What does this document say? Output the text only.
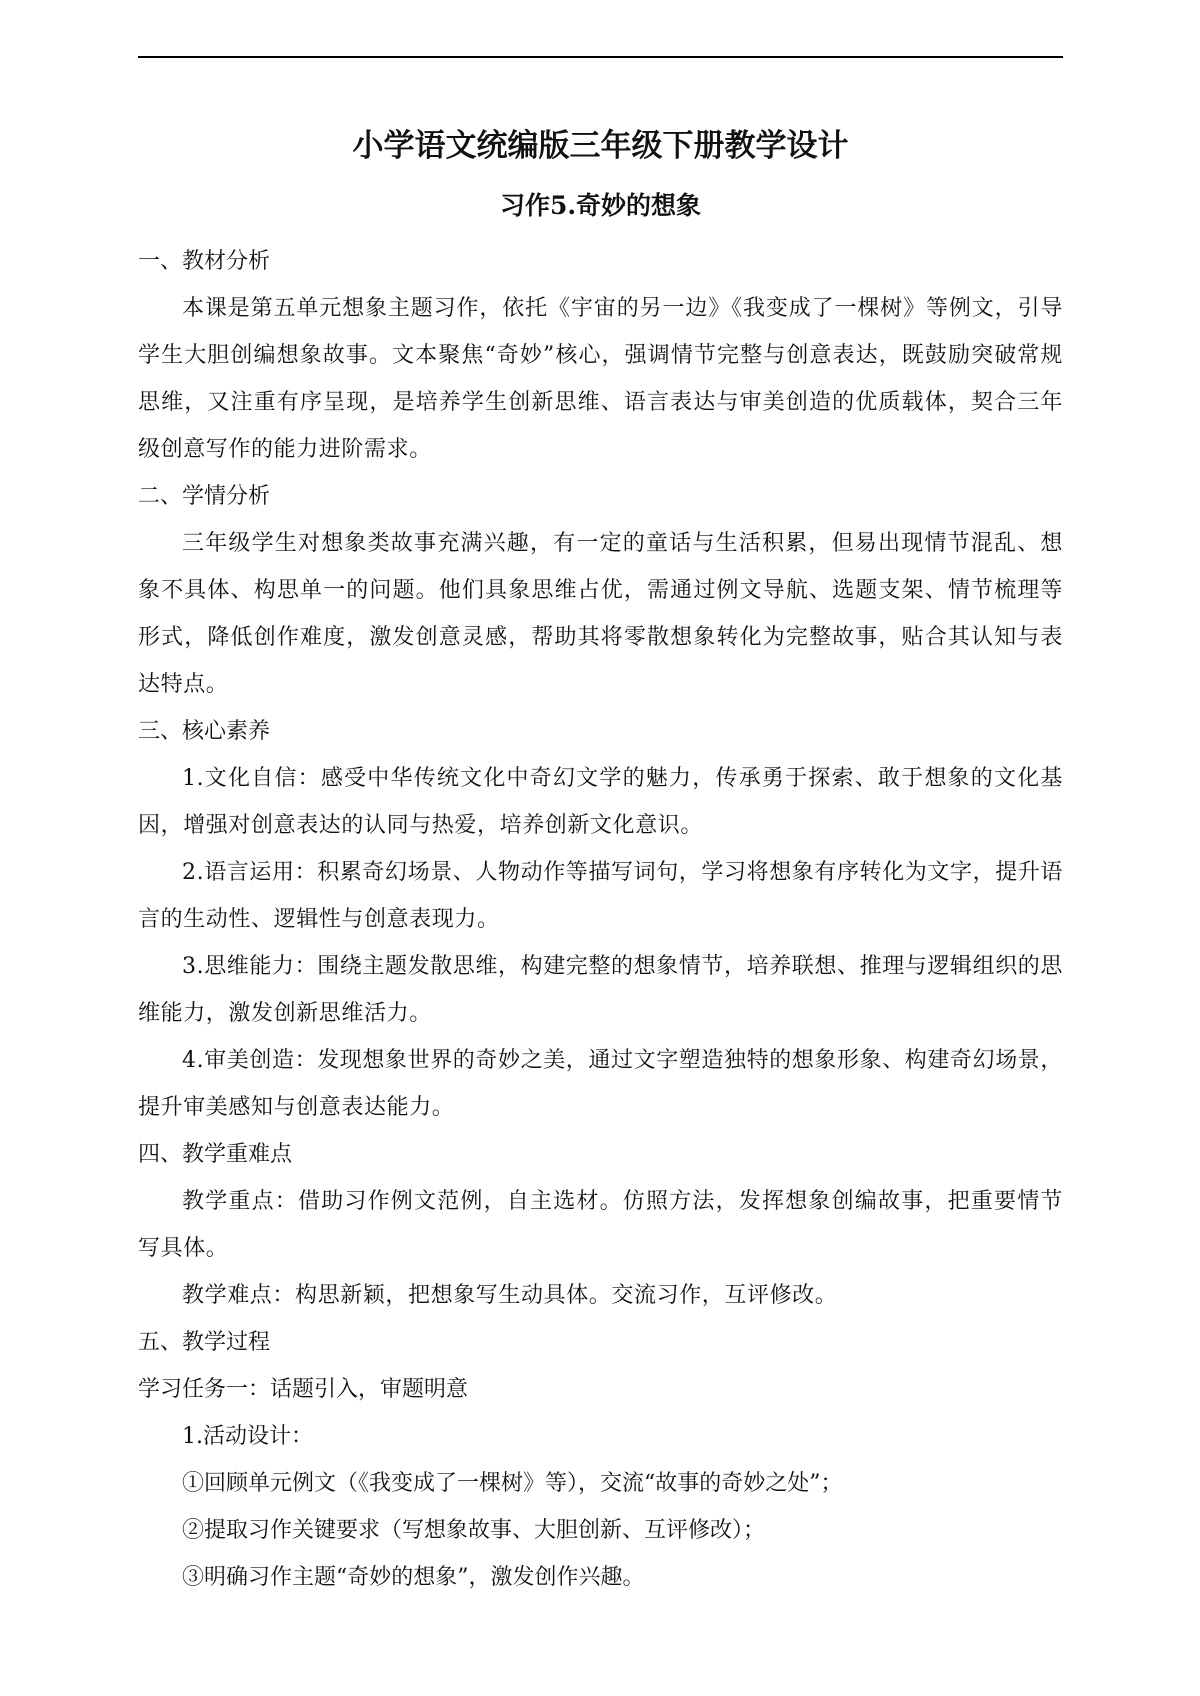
小学语文统编版三年级下册教学设计
习作5.奇妙的想象
一、教材分析

本课是第五单元想象主题习作，依托《宇宙的另一边》《我变成了一棵树》等例文，引导学生大胆创编想象故事。文本聚焦“奇妙”核心，强调情节完整与创意表达，既鼓励突破常规思维，又注重有序呈现，是培养学生创新思维、语言表达与审美创造的优质载体，契合三年级创意写作的能力进阶需求。

二、学情分析

三年级学生对想象类故事充满兴趣，有一定的童话与生活积累，但易出现情节混乱、想象不具体、构思单一的问题。他们具象思维占优，需通过例文导航、选题支架、情节梳理等形式，降低创作难度，激发创意灵感，帮助其将零散想象转化为完整故事，贴合其认知与表达特点。

三、核心素养

1.文化自信：感受中华传统文化中奇幻文学的魅力，传承勇于探索、敢于想象的文化基因，增强对创意表达的认同与热爱，培养创新文化意识。

2.语言运用：积累奇幻场景、人物动作等描写词句，学习将想象有序转化为文字，提升语言的生动性、逻辑性与创意表现力。

3.思维能力：围绕主题发散思维，构建完整的想象情节，培养联想、推理与逻辑组织的思维能力，激发创新思维活力。

4.审美创造：发现想象世界的奇妙之美，通过文字塑造独特的想象形象、构建奇幻场景，提升审美感知与创意表达能力。

四、教学重难点

教学重点：借助习作例文范例，自主选材。仿照方法，发挥想象创编故事，把重要情节写具体。

教学难点：构思新颖，把想象写生动具体。交流习作，互评修改。

五、教学过程
学习任务一：话题引入，审题明意
1.活动设计：
①回顾单元例文（《我变成了一棵树》等），交流“故事的奇妙之处”；
②提取习作关键要求（写想象故事、大胆创新、互评修改）；
③明确习作主题“奇妙的想象”，激发创作兴趣。
